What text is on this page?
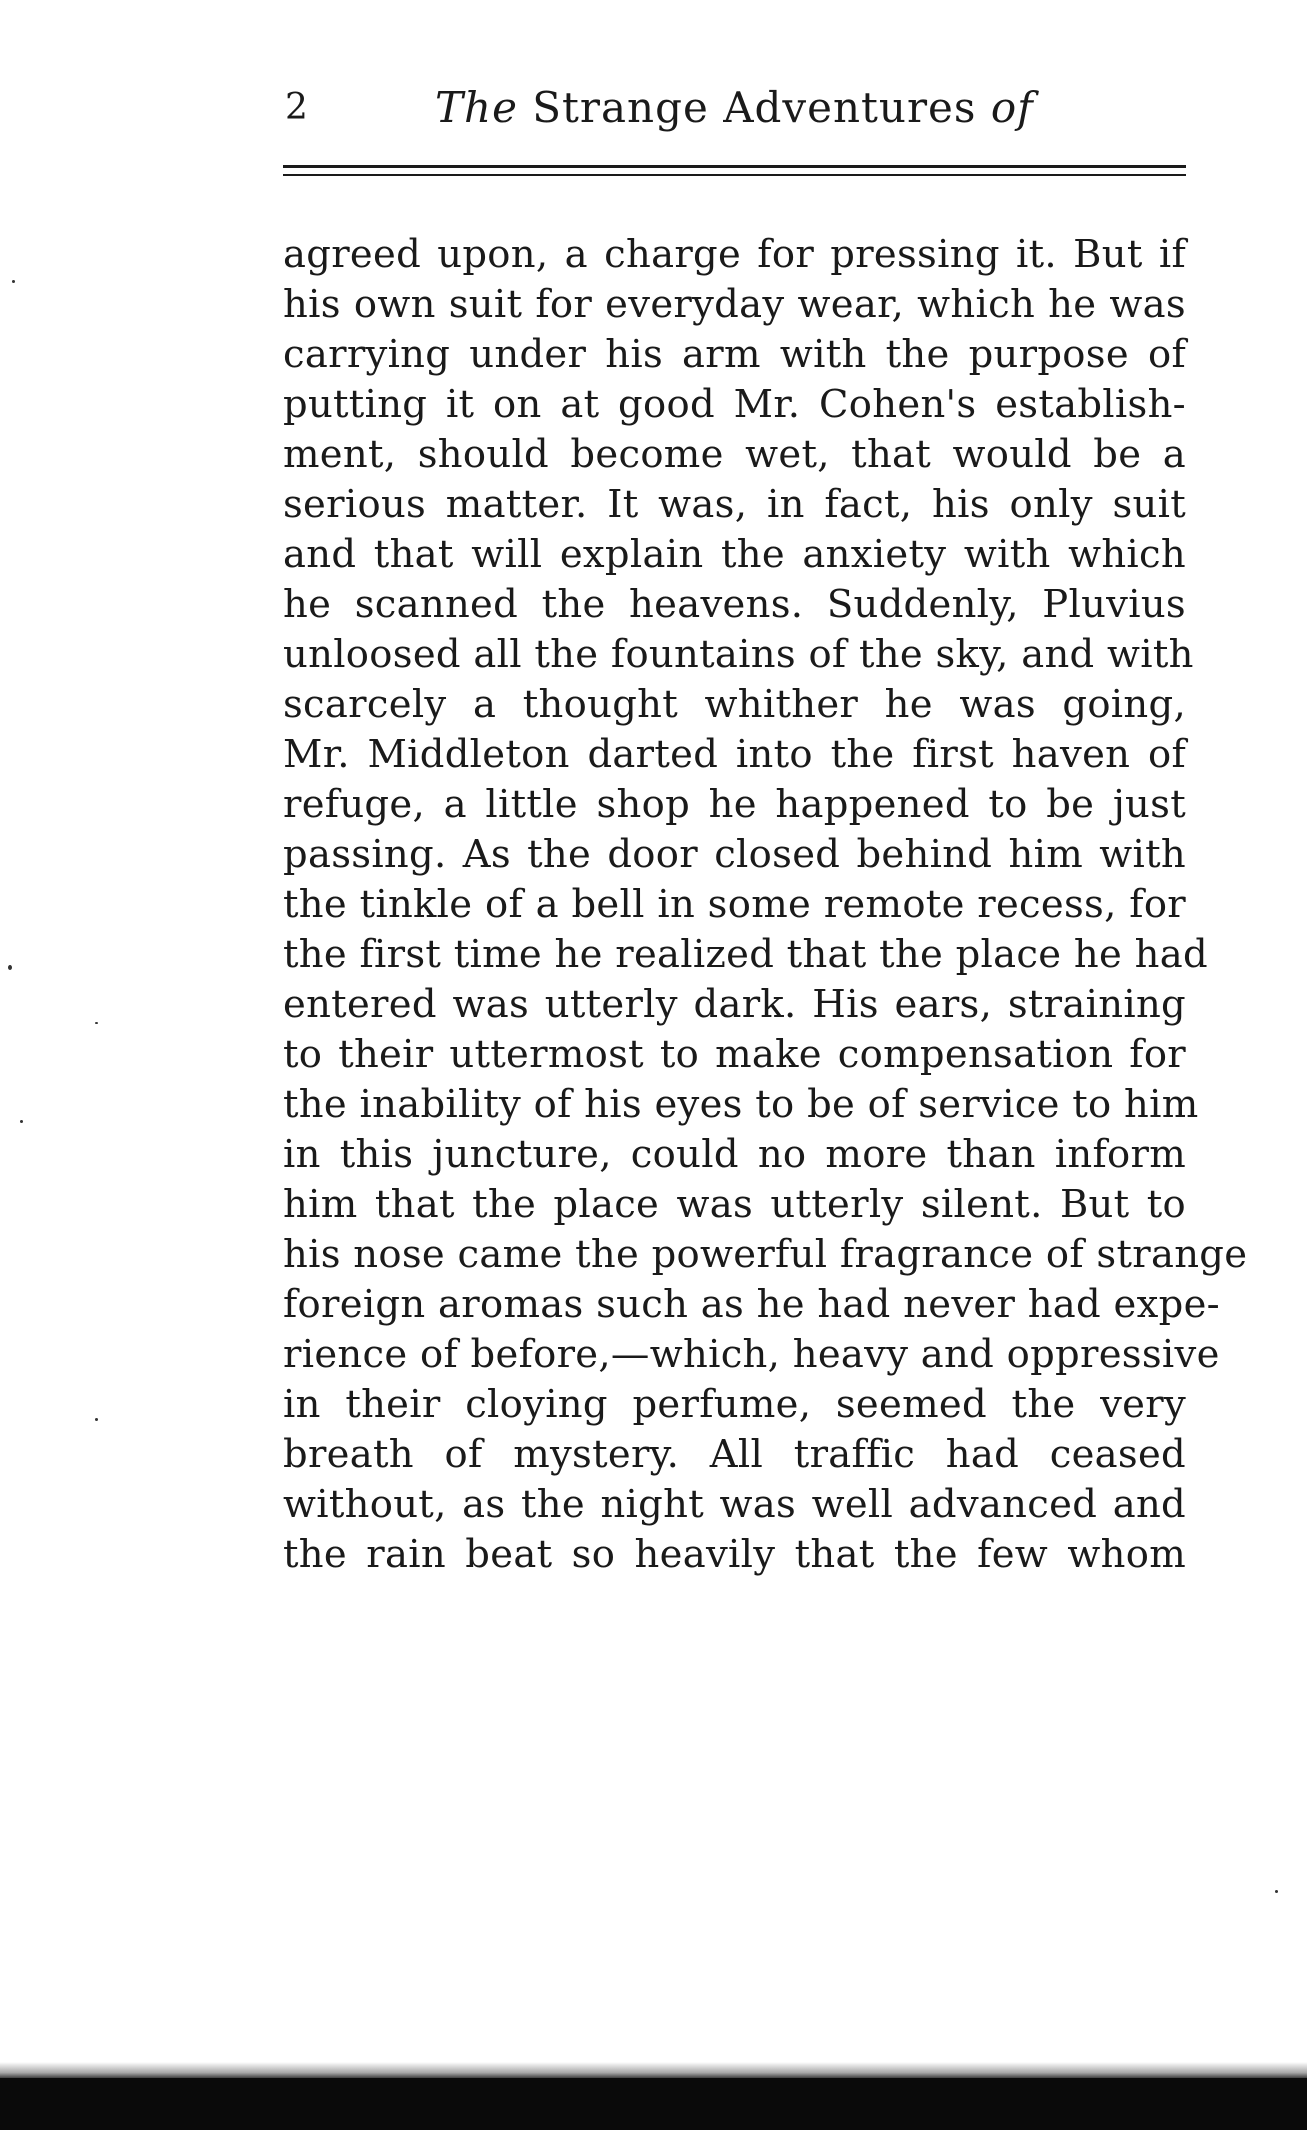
2	The Strange Adventures of
agreed upon, a charge for pressing it. But if
his own suit for everyday wear, which he was
carrying under his arm with the purpose of
putting it on at good Mr. Cohen's establish-
ment, should become wet, that would be a
serious matter. It was, in fact, his only suit
and that will explain the anxiety with which
he scanned the heavens. Suddenly, Pluvius
unloosed all the fountains of the sky, and with
scarcely a thought whither he was going,
Mr. Middleton darted into the first haven of
refuge, a little shop he happened to be just
passing. As the door closed behind him with
the tinkle of a bell in some remote recess, for
the first time he realized that the place he had
entered was utterly dark. His ears, straining
to their uttermost to make compensation for
the inability of his eyes to be of service to him
in this juncture, could no more than inform
him that the place was utterly silent. But to
his nose came the powerful fragrance of strange
foreign aromas such as he had never had expe-
rience of before,—which, heavy and oppressive
in their cloying perfume, seemed the very
breath of mystery. All traffic had ceased
without, as the night was well advanced and
the rain beat so heavily that the few whom
